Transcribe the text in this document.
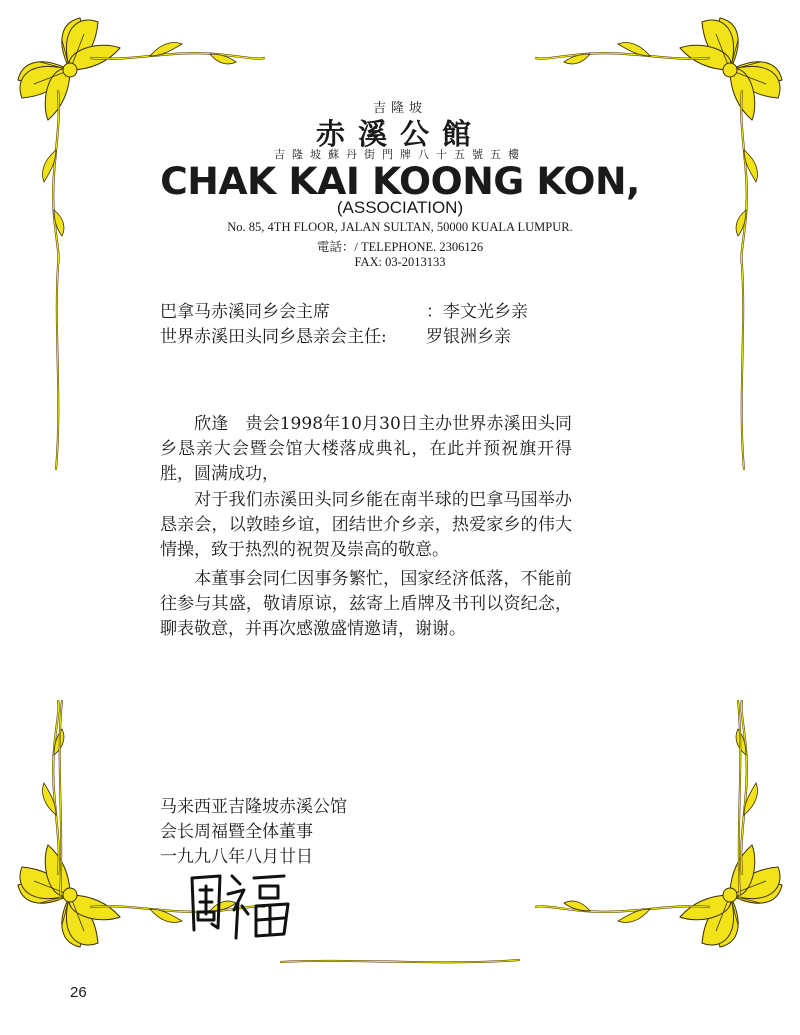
吉隆坡
赤溪公館
吉隆坡蘇丹街門牌八十五號五樓
CHAK KAI KOONG KON,
(ASSOCIATION)
No. 85, 4TH FLOOR, JALAN SULTAN, 50000 KUALA LUMPUR.
電話：/ TELEPHONE. 2306126
FAX: 03-2013133
巴拿马赤溪同乡会主席	：李文光乡亲
世界赤溪田头同乡恳亲会主任:	罗银洲乡亲

欣逢　贵会1998年10月30日主办世界赤溪田头同乡恳亲大会暨会馆大楼落成典礼，在此并预祝旗开得胜，圆满成功，

对于我们赤溪田头同乡能在南半球的巴拿马国举办恳亲会，以敦睦乡谊，团结世介乡亲，热爱家乡的伟大情操，致于热烈的祝贺及崇高的敬意。

本董事会同仁因事务繁忙，国家经济低落，不能前往参与其盛，敬请原谅，兹寄上盾牌及书刊以资纪念，聊表敬意，并再次感激盛情邀请，谢谢。

马来西亚吉隆坡赤溪公馆
会长周福暨全体董事
一九九八年八月廿日
26
